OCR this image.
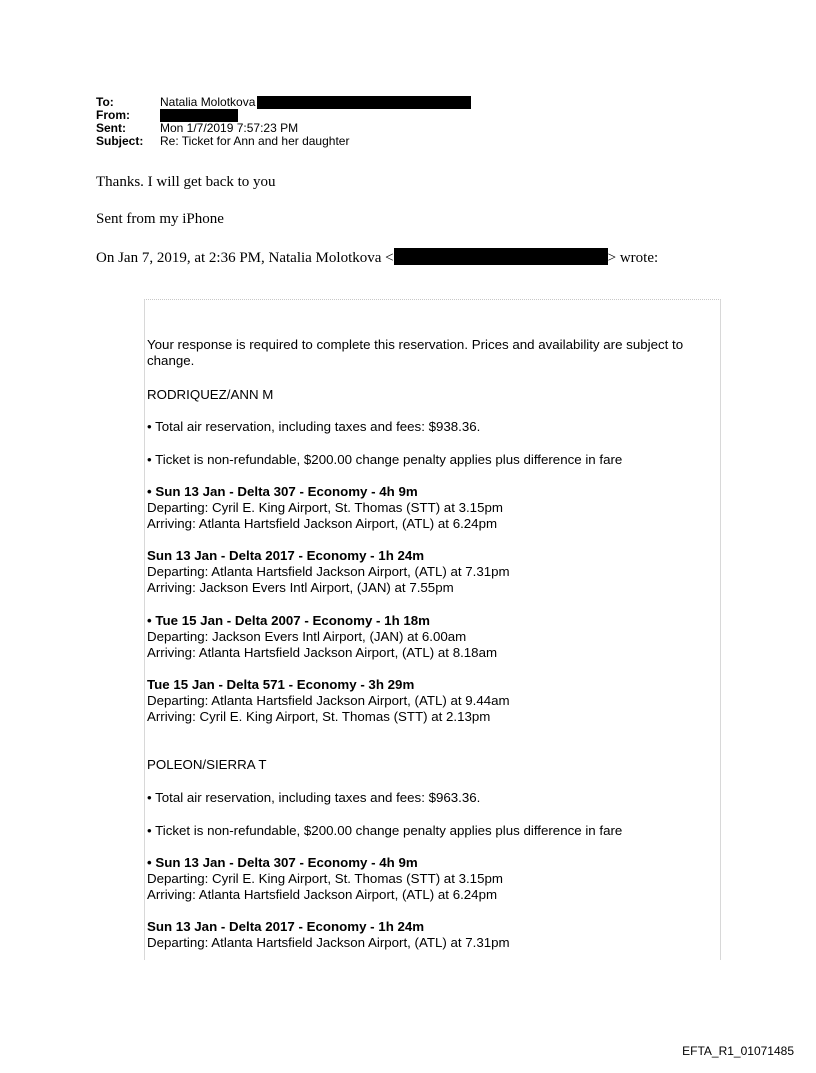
To:	Natalia Molotkova
From:
Sent:	Mon 1/7/2019 7:57:23 PM
Subject:	Re: Ticket for Ann and her daughter
Thanks. I will get back to you
Sent from my iPhone
On Jan 7, 2019, at 2:36 PM, Natalia Molotkova <	> wrote:
Your response is required to complete this reservation. Prices and availability are subject to change.
RODRIQUEZ/ANN M
• Total air reservation, including taxes and fees: $938.36.
• Ticket is non-refundable, $200.00 change penalty applies plus difference in fare
• Sun 13 Jan - Delta 307 - Economy - 4h 9m
Departing: Cyril E. King Airport, St. Thomas (STT) at 3.15pm
Arriving: Atlanta Hartsfield Jackson Airport, (ATL) at 6.24pm
Sun 13 Jan - Delta 2017 - Economy - 1h 24m
Departing: Atlanta Hartsfield Jackson Airport, (ATL) at 7.31pm
Arriving: Jackson Evers Intl Airport, (JAN) at 7.55pm
• Tue 15 Jan - Delta 2007 - Economy - 1h 18m
Departing: Jackson Evers Intl Airport, (JAN) at 6.00am
Arriving: Atlanta Hartsfield Jackson Airport, (ATL) at 8.18am
Tue 15 Jan - Delta 571 - Economy - 3h 29m
Departing: Atlanta Hartsfield Jackson Airport, (ATL) at 9.44am
Arriving: Cyril E. King Airport, St. Thomas (STT) at 2.13pm
POLEON/SIERRA T
• Total air reservation, including taxes and fees: $963.36.
• Ticket is non-refundable, $200.00 change penalty applies plus difference in fare
• Sun 13 Jan - Delta 307 - Economy - 4h 9m
Departing: Cyril E. King Airport, St. Thomas (STT) at 3.15pm
Arriving: Atlanta Hartsfield Jackson Airport, (ATL) at 6.24pm
Sun 13 Jan - Delta 2017 - Economy - 1h 24m
Departing: Atlanta Hartsfield Jackson Airport, (ATL) at 7.31pm
EFTA_R1_01071485
